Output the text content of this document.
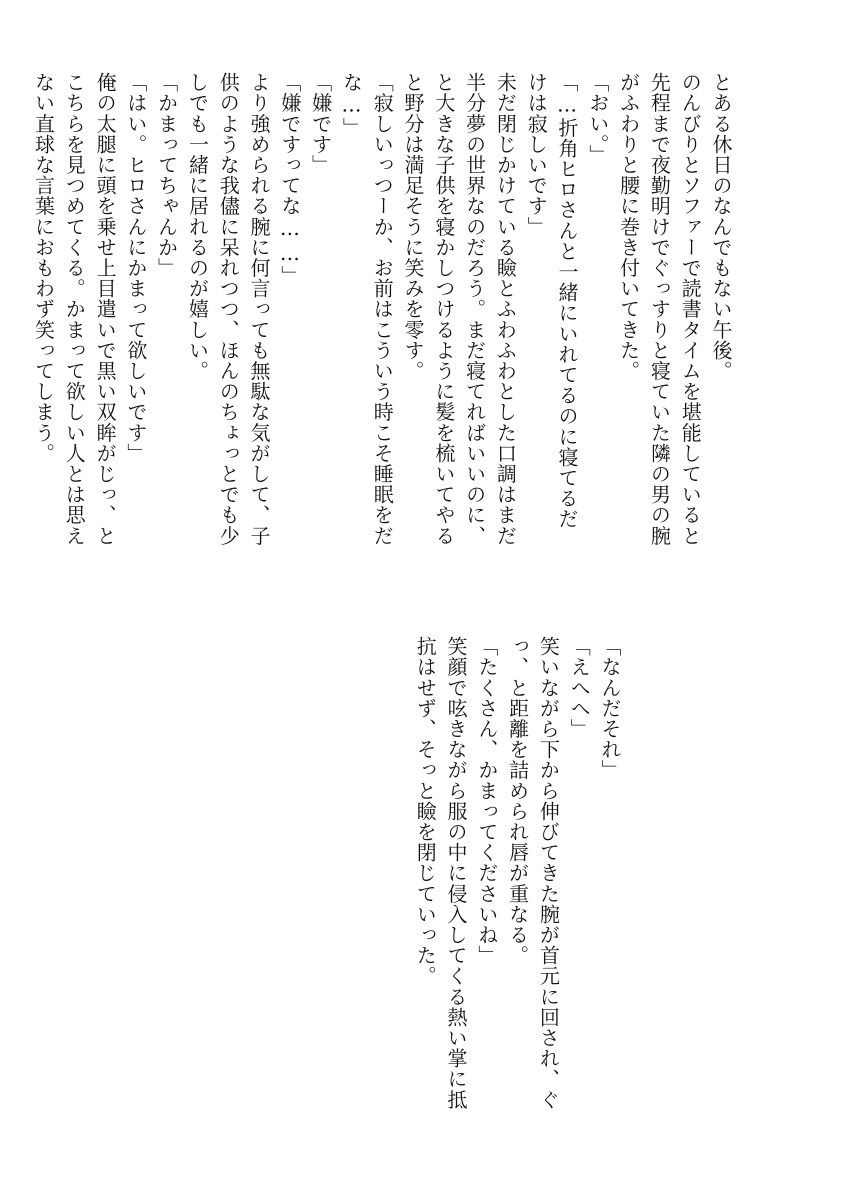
とある休日のなんでもない午後。
のんびりとソファーで読書タイムを堪能していると
先程まで夜勤明けでぐっすりと寝ていた隣の男の腕
がふわりと腰に巻き付いてきた。
「おい。」
「…折角ヒロさんと一緒にいれてるのに寝てるだ
けは寂しいです」
未だ閉じかけている瞼とふわふわとした口調はまだ
半分夢の世界なのだろう。まだ寝てればいいのに、
と大きな子供を寝かしつけるように髪を梳いてやる
と野分は満足そうに笑みを零す。
「寂しいっつーか、お前はこういう時こそ睡眠をだ
な…」
「嫌です」
「嫌ですってな……」
より強められる腕に何言っても無駄な気がして、子
供のような我儘に呆れつつ、ほんのちょっとでも少
しでも一緒に居れるのが嬉しい。
「かまってちゃんか」
「はい。ヒロさんにかまって欲しいです」
俺の太腿に頭を乗せ上目遣いで黒い双眸がじっ、と
こちらを見つめてくる。かまって欲しい人とは思え
ない直球な言葉におもわず笑ってしまう。
「なんだそれ」
「えへへ」
笑いながら下から伸びてきた腕が首元に回され、ぐ
っ、と距離を詰められ唇が重なる。
「たくさん、かまってくださいね」
笑顔で呟きながら服の中に侵入してくる熱い掌に抵
抗はせず、そっと瞼を閉じていった。
